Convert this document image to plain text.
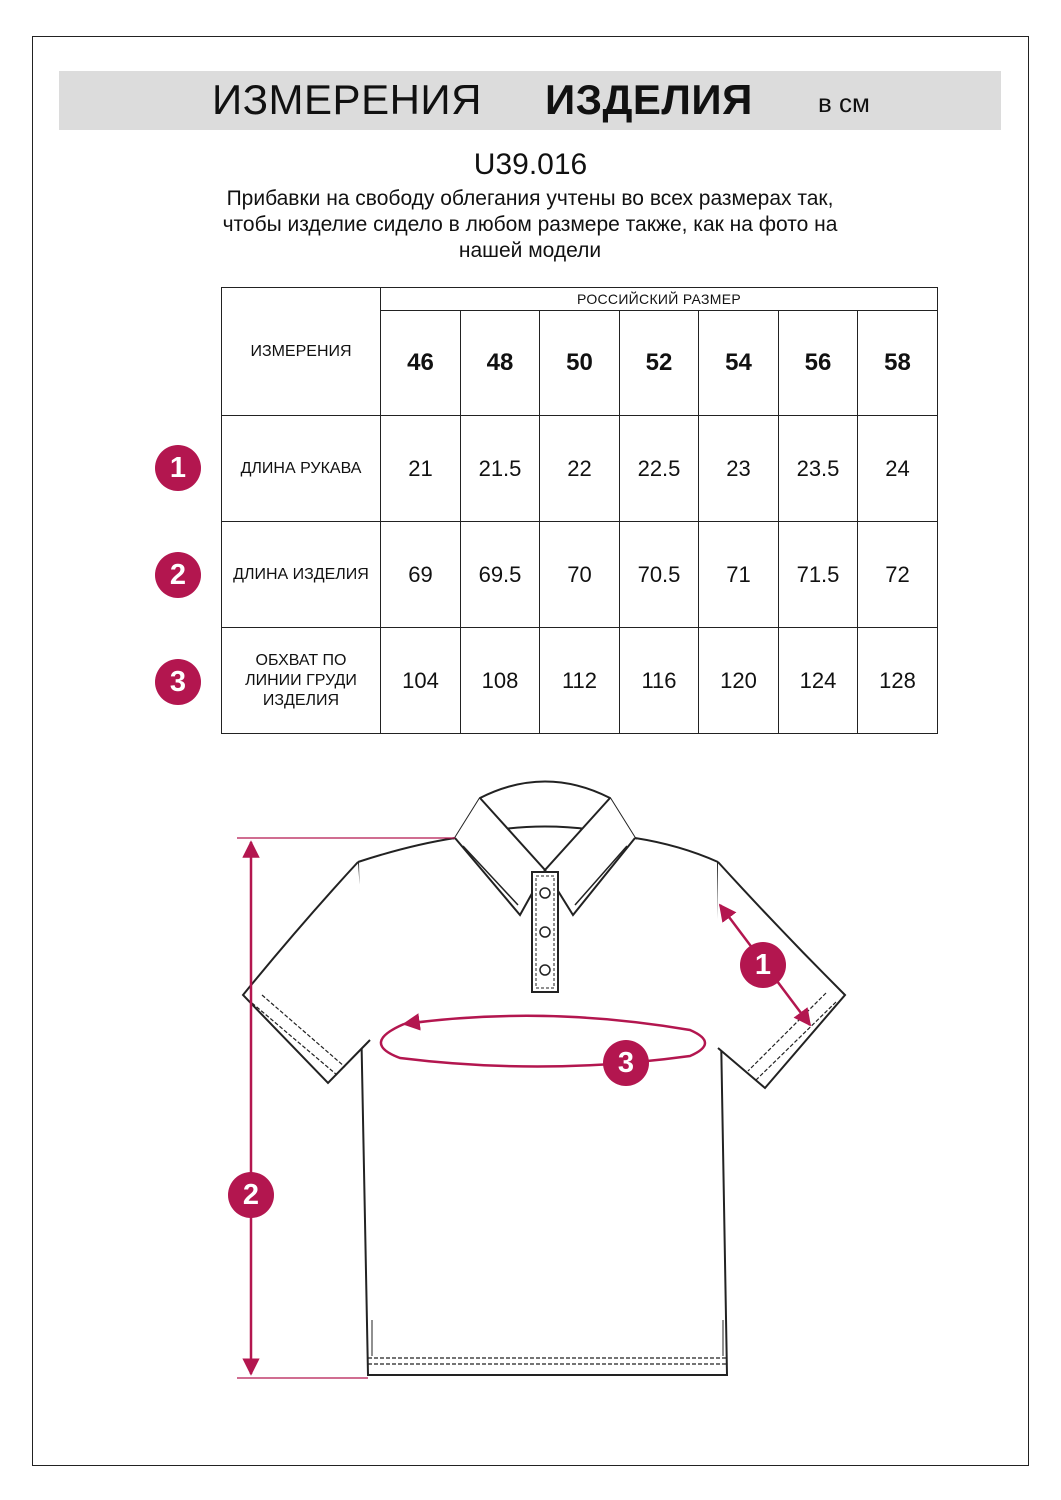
ИЗМЕРЕНИЯ ИЗДЕЛИЯ	в см
U39.016
Прибавки на свободу облегания учтены во всех размерах так,
чтобы изделие сидело в любом размере также, как на фото на
нашей модели
ИЗМЕРЕНИЯ	РОССИЙСКИЙ РАЗМЕР						
	46	48	50	52	54	56	58
ДЛИНА РУКАВА	21	21.5	22	22.5	23	23.5	24
ДЛИНА ИЗДЕЛИЯ	69	69.5	70	70.5	71	71.5	72

ОБХВАТ ПО
ЛИНИИ ГРУДИ
ИЗДЕЛИЯ	104	108	112	116	120	124	128
1
2
3
1
2
3
